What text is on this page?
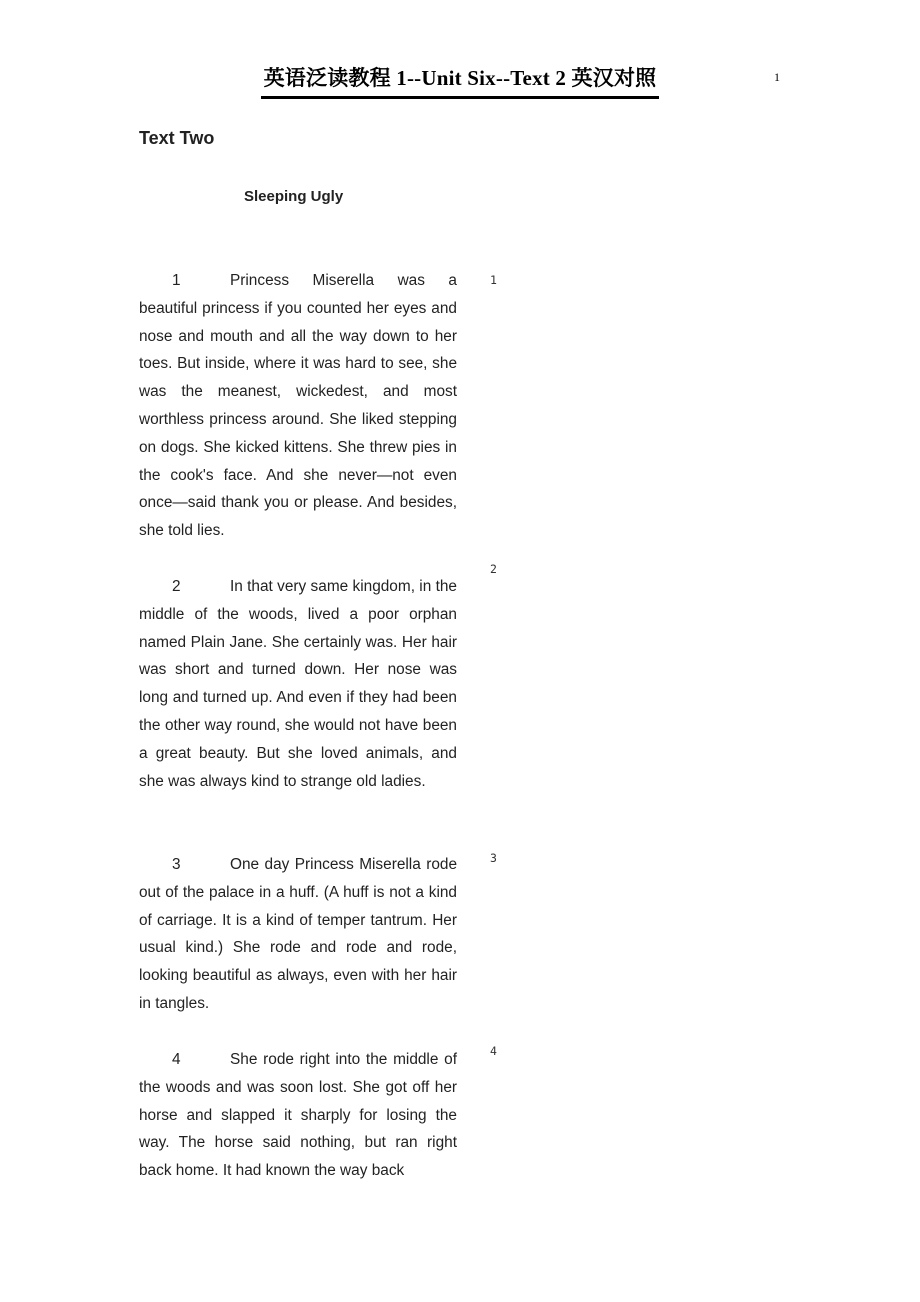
英语泛读教程 1--Unit Six--Text 2 英汉对照	1
Text Two
Sleeping Ugly
1	Princess Miserella was a beautiful princess if you counted her eyes and nose and mouth and all the way down to her toes. But inside, where it was hard to see, she was the meanest, wickedest, and most worthless princess around. She liked stepping on dogs. She kicked kittens. She threw pies in the cook's face. And she never—not even once—said thank you or please. And besides, she told lies.
2	In that very same kingdom, in the middle of the woods, lived a poor orphan named Plain Jane. She certainly was. Her hair was short and turned down. Her nose was long and turned up. And even if they had been the other way round, she would not have been a great beauty. But she loved animals, and she was always kind to strange old ladies.
3	One day Princess Miserella rode out of the palace in a huff. (A huff is not a kind of carriage. It is a kind of temper tantrum. Her usual kind.) She rode and rode and rode, looking beautiful as always, even with her hair in tangles.
4	She rode right into the middle of the woods and was soon lost. She got off her horse and slapped it sharply for losing the way. The horse said nothing, but ran right back home. It had known the way back
1

2

3

4
